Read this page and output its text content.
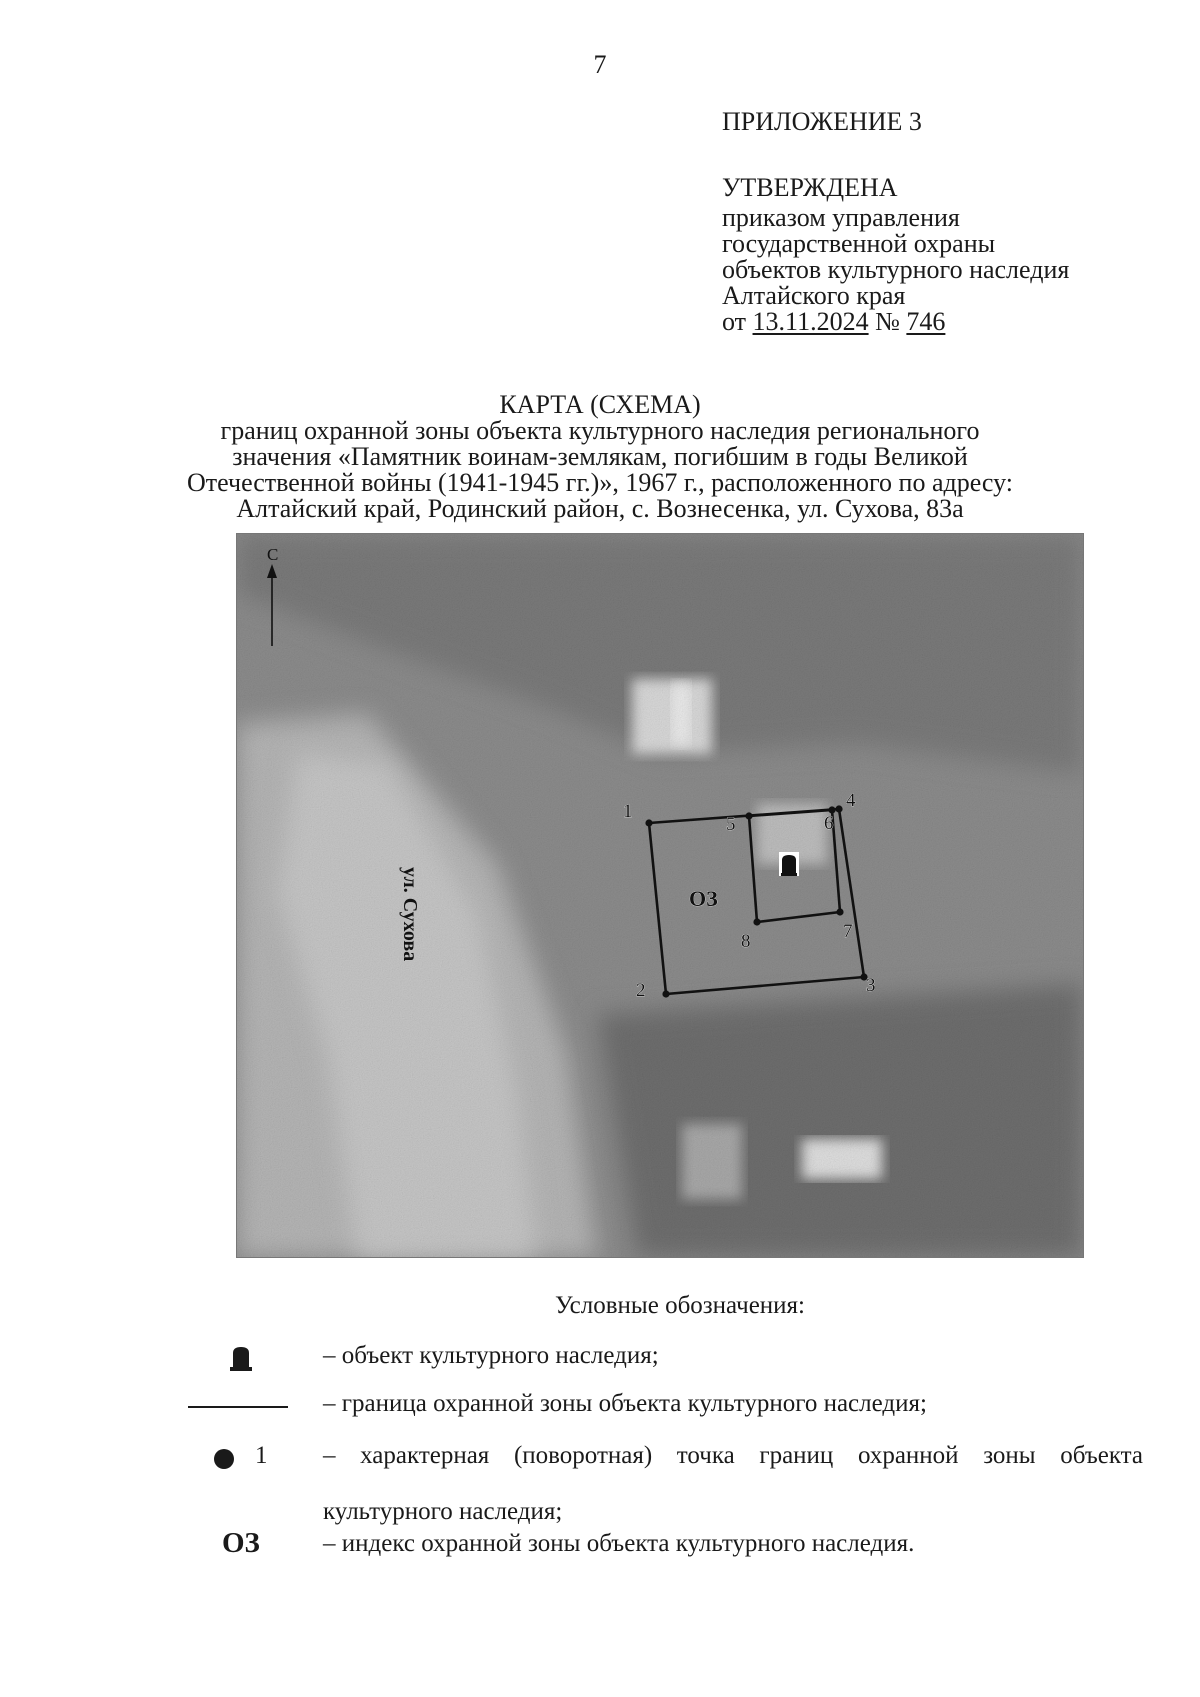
7
ПРИЛОЖЕНИЕ 3
УТВЕРЖДЕНА
приказом управления
государственной охраны
объектов культурного наследия
Алтайского края
от 13.11.2024 № 746
КАРТА (СХЕМА)
границ охранной зоны объекта культурного наследия регионального
значения «Памятник воинам-землякам, погибшим в годы Великой
Отечественной войны (1941-1945 гг.)», 1967 г., расположенного по адресу:
Алтайский край, Родинский район, с. Вознесенка, ул. Сухова, 83а
С
ул. Сухова
1
2	3
4
5	6
7
8
ОЗ
Условные обозначения:
– объект культурного наследия;
– граница охранной зоны объекта культурного наследия;
1 – характерная (поворотная) точка границ охранной зоны объекта культурного наследия;
ОЗ	– индекс охранной зоны объекта культурного наследия.
